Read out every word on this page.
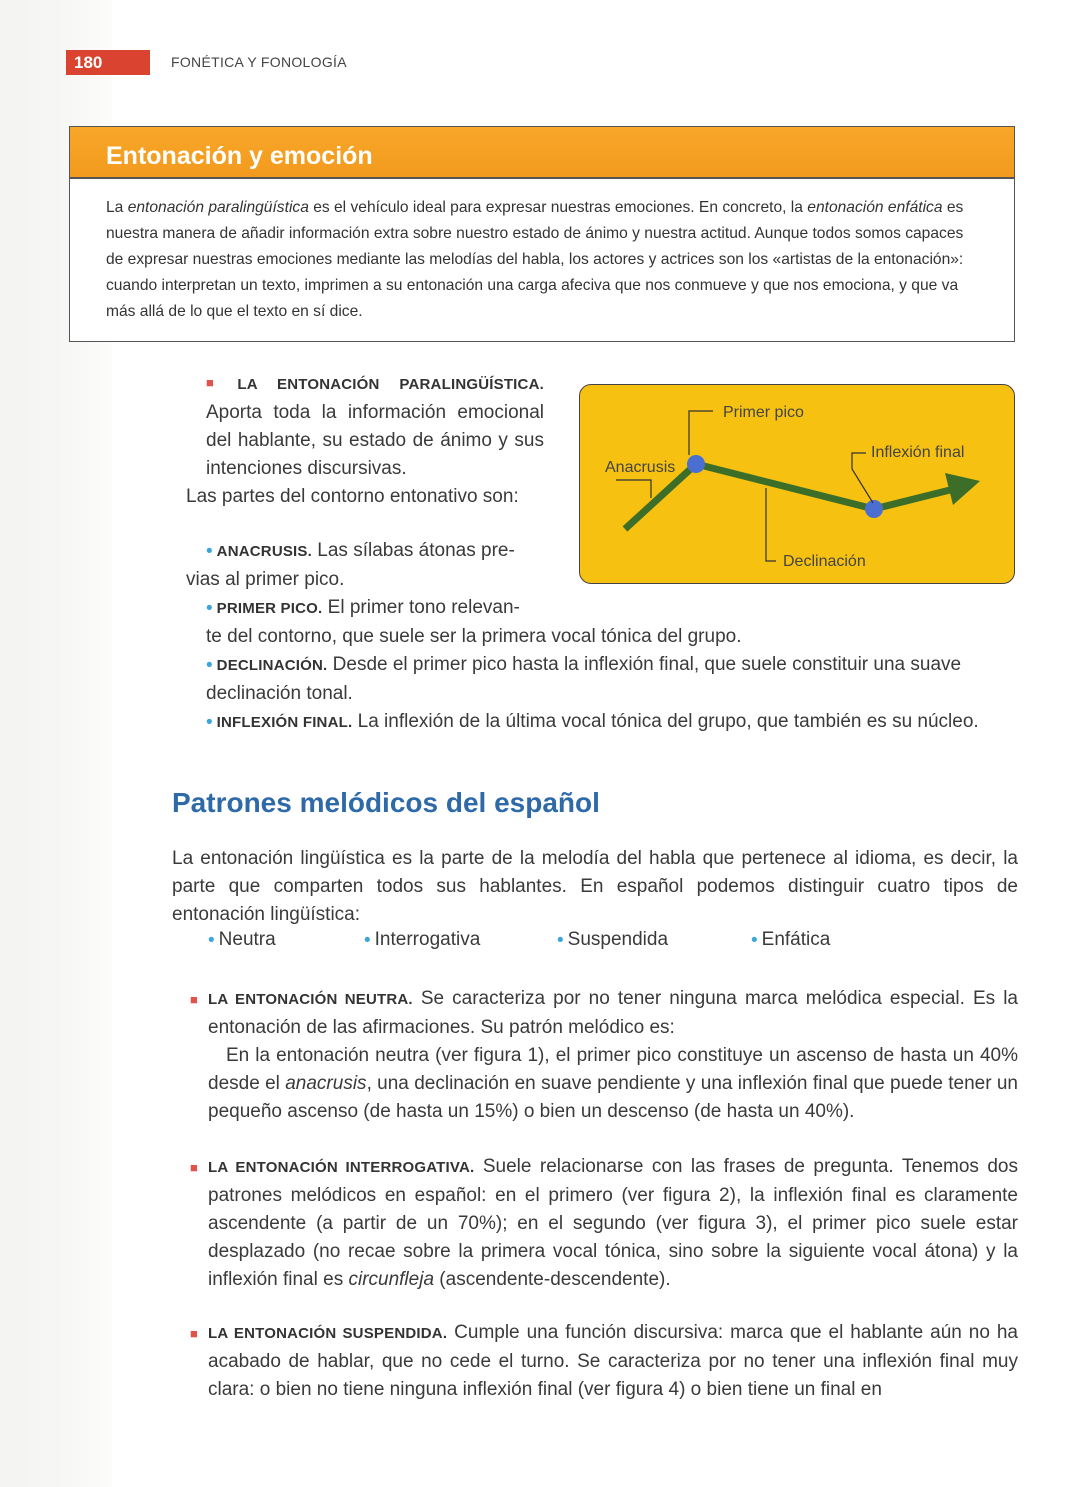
180	FONÉTICA Y FONOLOGÍA
Entonación y emoción
La entonación paralingüística es el vehículo ideal para expresar nuestras emociones. En concreto, la entonación enfática es nuestra manera de añadir información extra sobre nuestro estado de ánimo y nuestra actitud. Aunque todos somos capaces de expresar nuestras emociones mediante las melodías del habla, los actores y actrices son los «artistas de la entonación»: cuando interpretan un texto, imprimen a su entonación una carga afeciva que nos conmueve y que nos emociona, y que va más allá de lo que el texto en sí dice.

■ LA ENTONACIÓN PARALINGÜÍSTICA. Aporta toda la información emocional del hablante, su estado de ánimo y sus intenciones discursivas.

Las partes del contorno entonativo son:

• ANACRUSIS. Las sílabas átonas pre-

vias al primer pico.

• PRIMER PICO. El primer tono relevan-

te del contorno, que suele ser la primera vocal tónica del grupo.

• DECLINACIÓN. Desde el primer pico hasta la inflexión final, que suele constituir una suave declinación tonal.

• INFLEXIÓN FINAL. La inflexión de la última vocal tónica del grupo, que también es su núcleo.

Primer pico
Inflexión final
Anacrusis
Declinación
Patrones melódicos del español
La entonación lingüística es la parte de la melodía del habla que pertenece al idioma, es decir, la parte que comparten todos sus hablantes. En español podemos distinguir cuatro tipos de entonación lingüística:
• Neutra	• Interrogativa	• Suspendida	• Enfática
■ LA ENTONACIÓN NEUTRA. Se caracteriza por no tener ninguna marca melódica especial. Es la entonación de las afirmaciones. Su patrón melódico es:

En la entonación neutra (ver figura 1), el primer pico constituye un ascenso de hasta un 40% desde el anacrusis, una declinación en suave pendiente y una inflexión final que puede tener un pequeño ascenso (de hasta un 15%) o bien un descenso (de hasta un 40%).

■ LA ENTONACIÓN INTERROGATIVA. Suele relacionarse con las frases de pregunta. Tenemos dos patrones melódicos en español: en el primero (ver figura 2), la inflexión final es claramente ascendente (a partir de un 70%); en el segundo (ver figura 3), el primer pico suele estar desplazado (no recae sobre la primera vocal tónica, sino sobre la siguiente vocal átona) y la inflexión final es circunfleja (ascendente-descendente).

■ LA ENTONACIÓN SUSPENDIDA. Cumple una función discursiva: marca que el hablante aún no ha acabado de hablar, que no cede el turno. Se caracteriza por no tener una inflexión final muy clara: o bien no tiene ninguna inflexión final (ver figura 4) o bien tiene un final en
